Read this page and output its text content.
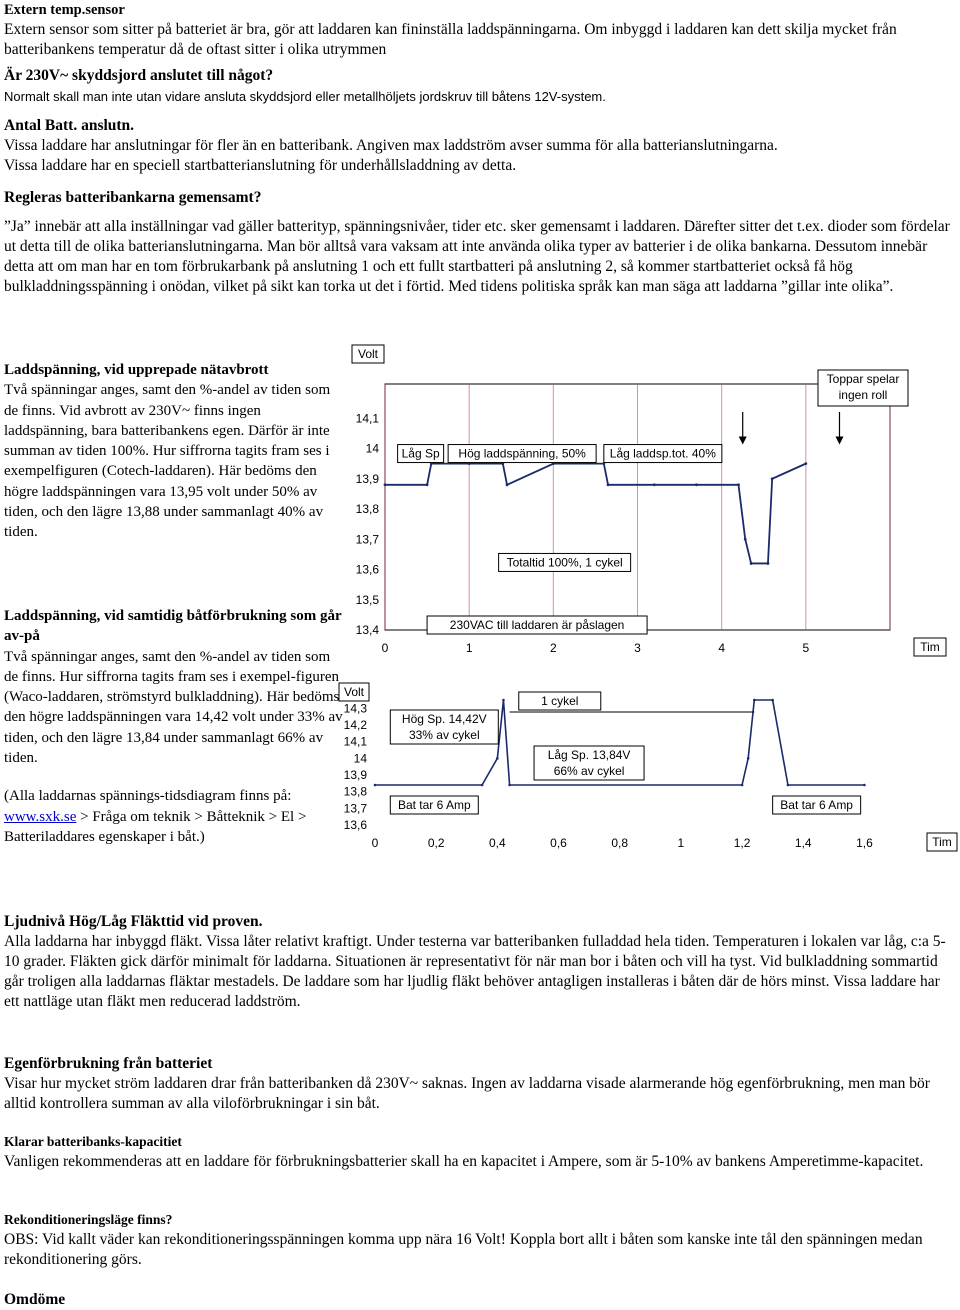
Extern temp.sensor

Extern sensor som sitter på batteriet är bra, gör att laddaren kan fininställa laddspänningarna. Om inbyggd i laddaren kan dett skilja mycket från batteribankens temperatur då de oftast sitter i olika utrymmen

Är 230V~ skyddsjord anslutet till något?

Normalt skall man inte utan vidare ansluta skyddsjord eller metallhöljets jordskruv till båtens 12V-system.

Antal Batt. anslutn.

Vissa laddare har anslutningar för fler än en batteribank. Angiven max laddström avser summa för alla batterianslutningarna.

Vissa laddare har en speciell startbatterianslutning för underhållsladdning av detta.

Regleras batteribankarna gemensamt?

”Ja” innebär att alla inställningar vad gäller batterityp, spänningsnivåer, tider etc. sker gemensamt i laddaren. Därefter sitter det t.ex. dioder som fördelar ut detta till de olika batterianslutningarna. Man bör alltså vara vaksam att inte använda olika typer av batterier i de olika bankarna. Dessutom innebär detta att om man har en tom förbrukarbank på anslutning 1 och ett fullt startbatteri på anslutning 2, så kommer startbatteriet också få hög bulkladdningsspänning i onödan, vilket på sikt kan torka ut det i förtid. Med tidens politiska språk kan man säga att laddarna ”gillar inte olika”.

Laddspänning, vid upprepade nätavbrott

Två spänningar anges, samt den %-andel av tiden som de finns. Vid avbrott av 230V~ finns ingen laddspänning, bara batteribankens egen. Därför är inte summan av tiden 100%. Hur siffrorna tagits fram ses i exempelfiguren (Cotech-laddaren). Här bedöms den högre laddspänningen vara 13,95 volt under 50% av tiden, och den lägre 13,88 under sammanlagt 40% av tiden.

14,1
14
13,9
13,8
13,7
13,6
13,5
13,4
0	1	2	3	4	5
Volt
Tim
Låg Sp Hög laddspänning, 50% Låg laddsp.tot. 40%
Totaltid 100%, 1 cykel
Toppar spelar
ingen roll
230VAC till laddaren är påslagen

Laddspänning, vid samtidig båtförbrukning som går av-på

Två spänningar anges, samt den %-andel av tiden som de finns. Hur siffrorna tagits fram ses i exempel-figuren (Waco-laddaren, strömstyrd bulkladdning). Här bedöms den högre laddspänningen vara 14,42 volt under 33% av tiden, och den lägre 13,84 under sammanlagt 66% av tiden.

(Alla laddarnas spännings-tidsdiagram finns på:
www.sxk.se > Fråga om teknik > Båtteknik > El > Batteriladdares egenskaper i båt.)

14,3
14,2
14,1
14
13,9
13,8
13,7
13,6
0	0,2	0,4	0,6	0,8	1	1,2	1,4	1,6
Volt
Tim
1 cykel
Hög Sp. 14,42V
33% av cykel
Låg Sp. 13,84V
66% av cykel
Bat tar 6 Amp	Bat tar 6 Amp

Ljudnivå Hög/Låg Fläkttid vid proven.

Alla laddarna har inbyggd fläkt. Vissa låter relativt kraftigt. Under testerna var batteribanken fulladdad hela tiden. Temperaturen i lokalen var låg, c:a 5-10 grader. Fläkten gick därför minimalt för laddarna. Situationen är representativt för när man bor i båten och vill ha tyst. Vid bulkladdning sommartid går troligen alla laddarnas fläktar mestadels. De laddare som har ljudlig fläkt behöver antagligen installeras i båten där de hörs minst. Vissa laddare har ett nattläge utan fläkt men reducerad laddström.

Egenförbrukning från batteriet

Visar hur mycket ström laddaren drar från batteribanken då 230V~ saknas. Ingen av laddarna visade alarmerande hög egenförbrukning, men man bör alltid kontrollera summan av alla viloförbrukningar i sin båt.

Klarar batteribanks-kapacitiet

Vanligen rekommenderas att en laddare för förbrukningsbatterier skall ha en kapacitet i Ampere, som är 5-10% av bankens Amperetimme-kapacitet.

Rekonditioneringsläge finns?

OBS: Vid kallt väder kan rekonditioneringsspänningen komma upp nära 16 Volt! Koppla bort allt i båten som kanske inte tål den spänningen medan rekonditionering görs.

Omdöme
